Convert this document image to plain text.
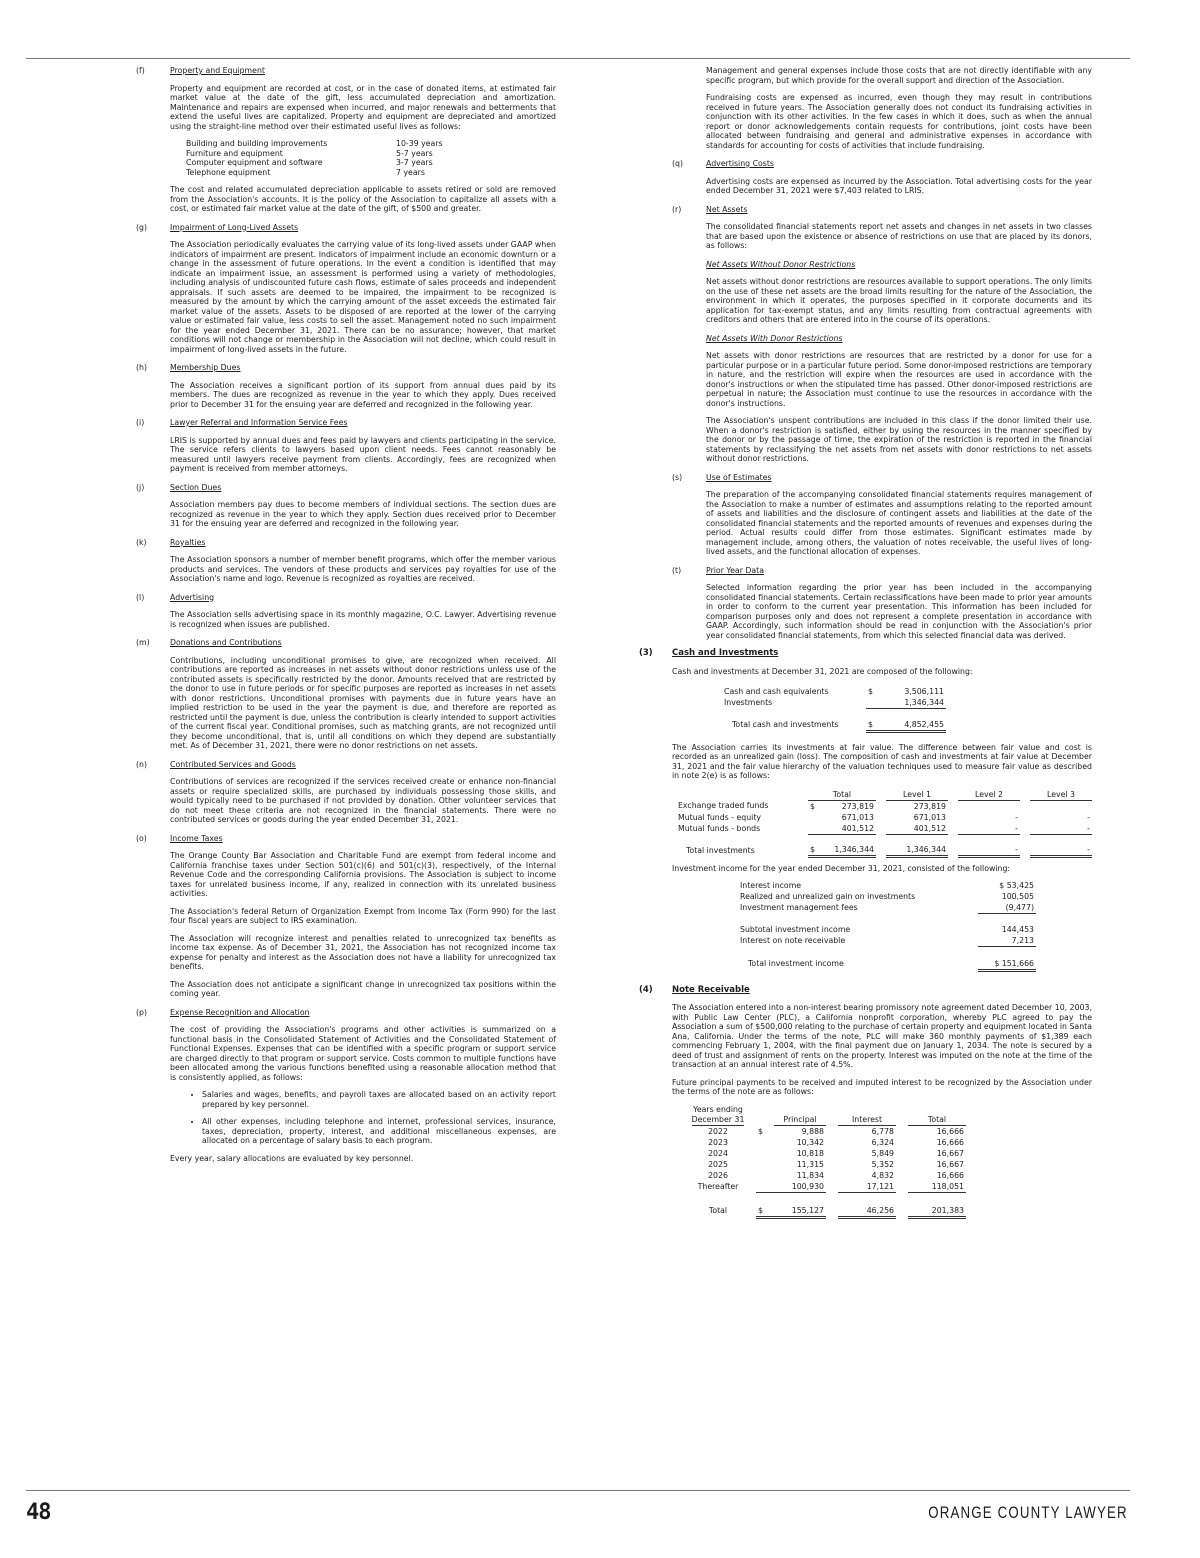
(f)	Property and Equipment

Property and equipment are recorded at cost, or in the case of donated items, at estimated fair market value at the date of the gift, less accumulated depreciation and amortization. Maintenance and repairs are expensed when incurred, and major renewals and betterments that extend the useful lives are capitalized. Property and equipment are depreciated and amortized using the straight-line method over their estimated useful lives as follows:

Building and building improvements	10-39 years
Furniture and equipment	5-7 years
Computer equipment and software	3-7 years
Telephone equipment	7 years

The cost and related accumulated depreciation applicable to assets retired or sold are removed from the Association's accounts. It is the policy of the Association to capitalize all assets with a cost, or estimated fair market value at the date of the gift, of $500 and greater.

(g)	Impairment of Long-Lived Assets

The Association periodically evaluates the carrying value of its long-lived assets under GAAP when indicators of impairment are present. Indicators of impairment include an economic downturn or a change in the assessment of future operations. In the event a condition is identified that may indicate an impairment issue, an assessment is performed using a variety of methodologies, including analysis of undiscounted future cash flows, estimate of sales proceeds and independent appraisals. If such assets are deemed to be impaired, the impairment to be recognized is measured by the amount by which the carrying amount of the asset exceeds the estimated fair market value of the assets. Assets to be disposed of are reported at the lower of the carrying value or estimated fair value, less costs to sell the asset. Management noted no such impairment for the year ended December 31, 2021. There can be no assurance; however, that market conditions will not change or membership in the Association will not decline, which could result in impairment of long-lived assets in the future.

(h)	Membership Dues

The Association receives a significant portion of its support from annual dues paid by its members. The dues are recognized as revenue in the year to which they apply. Dues received prior to December 31 for the ensuing year are deferred and recognized in the following year.

(i)	Lawyer Referral and Information Service Fees

LRIS is supported by annual dues and fees paid by lawyers and clients participating in the service. The service refers clients to lawyers based upon client needs. Fees cannot reasonably be measured until lawyers receive payment from clients. Accordingly, fees are recognized when payment is received from member attorneys.

(j)	Section Dues

Association members pay dues to become members of individual sections. The section dues are recognized as revenue in the year to which they apply. Section dues received prior to December 31 for the ensuing year are deferred and recognized in the following year.

(k)	Royalties

The Association sponsors a number of member benefit programs, which offer the member various products and services. The vendors of these products and services pay royalties for use of the Association's name and logo. Revenue is recognized as royalties are received.

(l)	Advertising

The Association sells advertising space in its monthly magazine, O.C. Lawyer. Advertising revenue is recognized when issues are published.

(m)	Donations and Contributions

Contributions, including unconditional promises to give, are recognized when received. All contributions are reported as increases in net assets without donor restrictions unless use of the contributed assets is specifically restricted by the donor. Amounts received that are restricted by the donor to use in future periods or for specific purposes are reported as increases in net assets with donor restrictions. Unconditional promises with payments due in future years have an implied restriction to be used in the year the payment is due, and therefore are reported as restricted until the payment is due, unless the contribution is clearly intended to support activities of the current fiscal year. Conditional promises, such as matching grants, are not recognized until they become unconditional, that is, until all conditions on which they depend are substantially met. As of December 31, 2021, there were no donor restrictions on net assets.

(n)	Contributed Services and Goods

Contributions of services are recognized if the services received create or enhance non-financial assets or require specialized skills, are purchased by individuals possessing those skills, and would typically need to be purchased if not provided by donation. Other volunteer services that do not meet these criteria are not recognized in the financial statements. There were no contributed services or goods during the year ended December 31, 2021.

(o)	Income Taxes

The Orange County Bar Association and Charitable Fund are exempt from federal income and California franchise taxes under Section 501(c)(6) and 501(c)(3), respectively, of the Internal Revenue Code and the corresponding California provisions. The Association is subject to income taxes for unrelated business income, if any, realized in connection with its unrelated business activities.

The Association's federal Return of Organization Exempt from Income Tax (Form 990) for the last four fiscal years are subject to IRS examination.

The Association will recognize interest and penalties related to unrecognized tax benefits as income tax expense. As of December 31, 2021, the Association has not recognized income tax expense for penalty and interest as the Association does not have a liability for unrecognized tax benefits.

The Association does not anticipate a significant change in unrecognized tax positions within the coming year.

(p)	Expense Recognition and Allocation

The cost of providing the Association's programs and other activities is summarized on a functional basis in the Consolidated Statement of Activities and the Consolidated Statement of Functional Expenses. Expenses that can be identified with a specific program or support service are charged directly to that program or support service. Costs common to multiple functions have been allocated among the various functions benefited using a reasonable allocation method that is consistently applied, as follows:

• Salaries and wages, benefits, and payroll taxes are allocated based on an activity report prepared by key personnel.
• All other expenses, including telephone and internet, professional services, insurance, taxes, depreciation, property, interest, and additional miscellaneous expenses, are allocated on a percentage of salary basis to each program.

Every year, salary allocations are evaluated by key personnel.

Management and general expenses include those costs that are not directly identifiable with any specific program, but which provide for the overall support and direction of the Association.

Fundraising costs are expensed as incurred, even though they may result in contributions received in future years. The Association generally does not conduct its fundraising activities in conjunction with its other activities. In the few cases in which it does, such as when the annual report or donor acknowledgements contain requests for contributions, joint costs have been allocated between fundraising and general and administrative expenses in accordance with standards for accounting for costs of activities that include fundraising.

(q)	Advertising Costs

Advertising costs are expensed as incurred by the Association. Total advertising costs for the year ended December 31, 2021 were $7,403 related to LRIS.

(r)	Net Assets

The consolidated financial statements report net assets and changes in net assets in two classes that are based upon the existence or absence of restrictions on use that are placed by its donors, as follows:

Net Assets Without Donor Restrictions

Net assets without donor restrictions are resources available to support operations. The only limits on the use of these net assets are the broad limits resulting for the nature of the Association, the environment in which it operates, the purposes specified in it corporate documents and its application for tax-exempt status, and any limits resulting from contractual agreements with creditors and others that are entered into in the course of its operations.

Net Assets With Donor Restrictions

Net assets with donor restrictions are resources that are restricted by a donor for use for a particular purpose or in a particular future period. Some donor-imposed restrictions are temporary in nature, and the restriction will expire when the resources are used in accordance with the donor's instructions or when the stipulated time has passed. Other donor-imposed restrictions are perpetual in nature; the Association must continue to use the resources in accordance with the donor's instructions.

The Association's unspent contributions are included in this class if the donor limited their use. When a donor's restriction is satisfied, either by using the resources in the manner specified by the donor or by the passage of time, the expiration of the restriction is reported in the financial statements by reclassifying the net assets from net assets with donor restrictions to net assets without donor restrictions.

(s)	Use of Estimates

The preparation of the accompanying consolidated financial statements requires management of the Association to make a number of estimates and assumptions relating to the reported amount of assets and liabilities and the disclosure of contingent assets and liabilities at the date of the consolidated financial statements and the reported amounts of revenues and expenses during the period. Actual results could differ from those estimates. Significant estimates made by management include, among others, the valuation of notes receivable, the useful lives of long-lived assets, and the functional allocation of expenses.

(t)	Prior Year Data

Selected information regarding the prior year has been included in the accompanying consolidated financial statements. Certain reclassifications have been made to prior year amounts in order to conform to the current year presentation. This information has been included for comparison purposes only and does not represent a complete presentation in accordance with GAAP. Accordingly, such information should be read in conjunction with the Association's prior year consolidated financial statements, from which this selected financial data was derived.

(3) Cash and Investments

Cash and investments at December 31, 2021 are composed of the following:

Cash and cash equivalents	$	3,506,111
Investments		1,346,344

Total cash and investments	$	4,852,455

The Association carries its investments at fair value. The difference between fair value and cost is recorded as an unrealized gain (loss). The composition of cash and investments at fair value at December 31, 2021 and the fair value hierarchy of the valuation techniques used to measure fair value as described in note 2(e) is as follows:

	Total			Level 1		Level 2		Level 3
Exchange traded funds	$	273,819		273,819				
Mutual funds - equity		671,013		671,013		-		-
Mutual funds - bonds		401,512		401,512		-		-

Total investments	$	1,346,344		1,346,344		-		-

Investment income for the year ended December 31, 2021, consisted of the following:

Interest income	$ 53,425
Realized and unrealized gain on investments	100,505
Investment management fees	(9,477)

Subtotal investment income	144,453
Interest on note receivable	7,213

Total investment income	$ 151,666
(4) Note Receivable

The Association entered into a non-interest bearing promissory note agreement dated December 10, 2003, with Public Law Center (PLC), a California nonprofit corporation, whereby PLC agreed to pay the Association a sum of $500,000 relating to the purchase of certain property and equipment located in Santa Ana, California. Under the terms of the note, PLC will make 360 monthly payments of $1,389 each commencing February 1, 2004, with the final payment due on January 1, 2034. The note is secured by a deed of trust and assignment of rents on the property. Interest was imputed on the note at the time of the transaction at an annual interest rate of 4.5%.

Future principal payments to be received and imputed interest to be recognized by the Association under the terms of the note are as follows:

Years ending
December 31		Principal		Interest		Total
2022	$	9,888		6,778		16,666
2023		10,342		6,324		16,666
2024		10,818		5,849		16,667
2025		11,315		5,352		16,667
2026		11,834		4,832		16,666
Thereafter		100,930		17,121		118,051

Total	$	155,127		46,256		201,383
48	ORANGE COUNTY LAWYER
